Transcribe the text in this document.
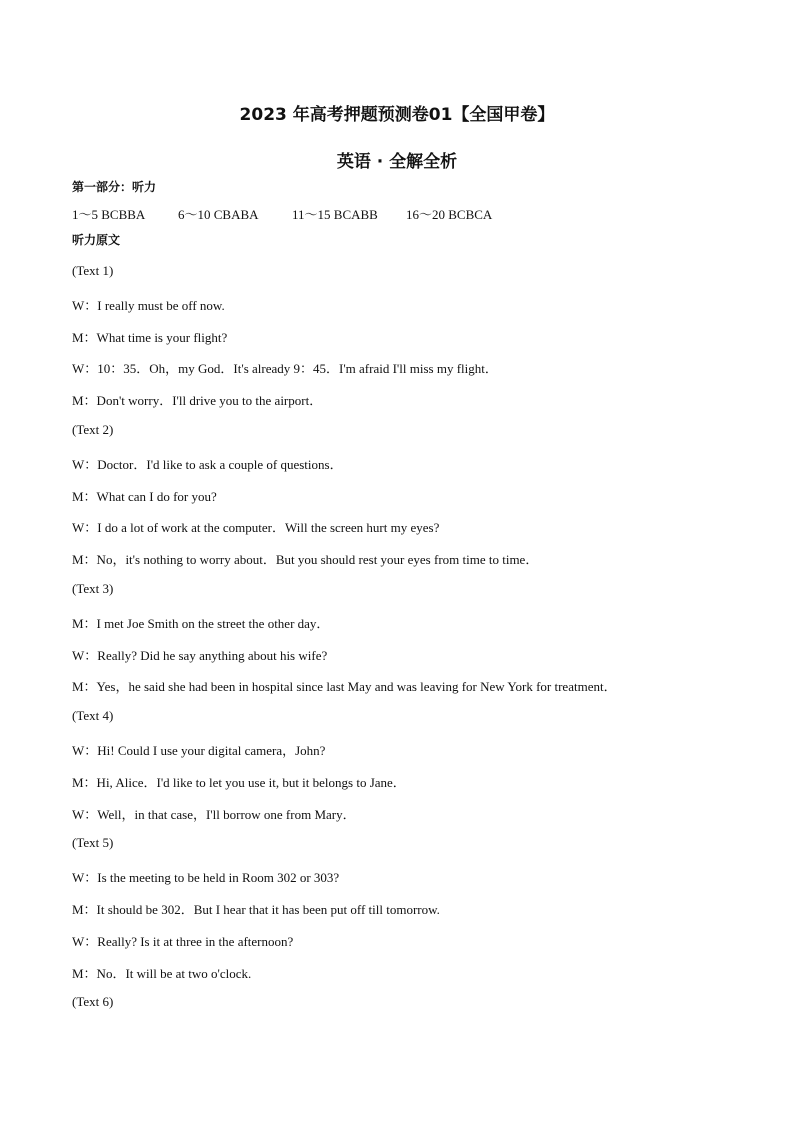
2023 年高考押题预测卷01【全国甲卷】
英语 · 全解全析
第一部分：听力
1～5 BCBBA	6～10 CBABA	11～15 BCABB 16～20 BCBCA
听力原文
(Text 1)
W：I really must be off now.
M：What time is your flight?
W：10：35．Oh，my God．It's already 9：45．I'm afraid I'll miss my flight．
M：Don't worry．I'll drive you to the airport．
(Text 2)
W：Doctor．I'd like to ask a couple of questions．
M：What can I do for you?
W：I do a lot of work at the computer．Will the screen hurt my eyes?
M：No，it's nothing to worry about．But you should rest your eyes from time to time．
(Text 3)
M：I met Joe Smith on the street the other day．
W：Really? Did he say anything about his wife?
M：Yes，he said she had been in hospital since last May and was leaving for New York for treatment．
(Text 4)
W：Hi! Could I use your digital camera，John?
M：Hi, Alice．I'd like to let you use it, but it belongs to Jane．
W：Well，in that case，I'll borrow one from Mary．
(Text 5)
W：Is the meeting to be held in Room 302 or 303?
M：It should be 302．But I hear that it has been put off till tomorrow.
W：Really? Is it at three in the afternoon?
M：No．It will be at two o'clock.
(Text 6)
